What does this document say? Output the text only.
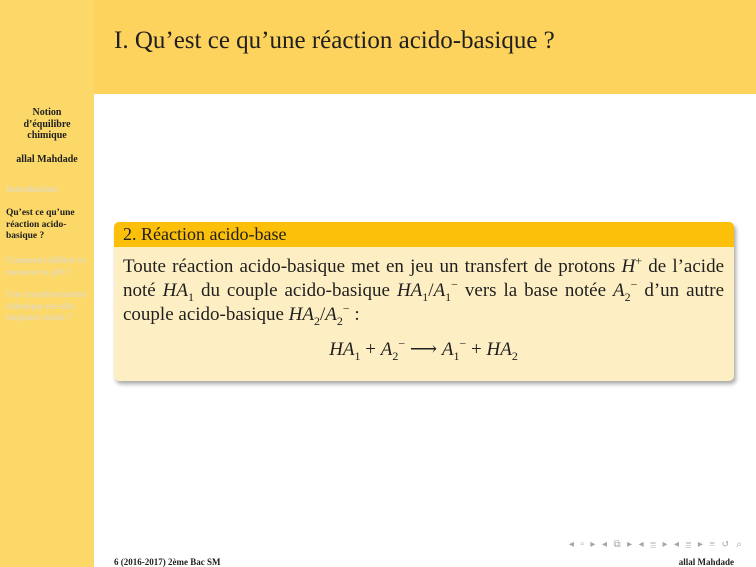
I. Qu’est ce qu’une réaction acido-basique ?
Notion
d’équilibre
chimique
allal Mahdade
Introduction
Qu’est ce qu’une réaction acido-basique ?
Comment définir et mesurer le pH ?
Une transformation chimique est-elle toujours totale ?
2. Réaction acido-base

Toute réaction acido-basique met en jeu un transfert de protons H+ de l’acide noté $HA_1$ du couple acido-basique $HA_1/A_1^-$ vers la base notée $A_2^-$ d’un autre couple acido-basique $HA_2/A_2^-$ :

$HA_1 + A_2^-$ ⟶ $A_1^- + HA_2$
◂ ▫ ▸ ◂ ⧉ ▸ ◂ ≣ ▸ ◂ ≣ ▸ ≡ ↺ ⌕
6 (2016-2017) 2ème Bac SM	allal Mahdade
